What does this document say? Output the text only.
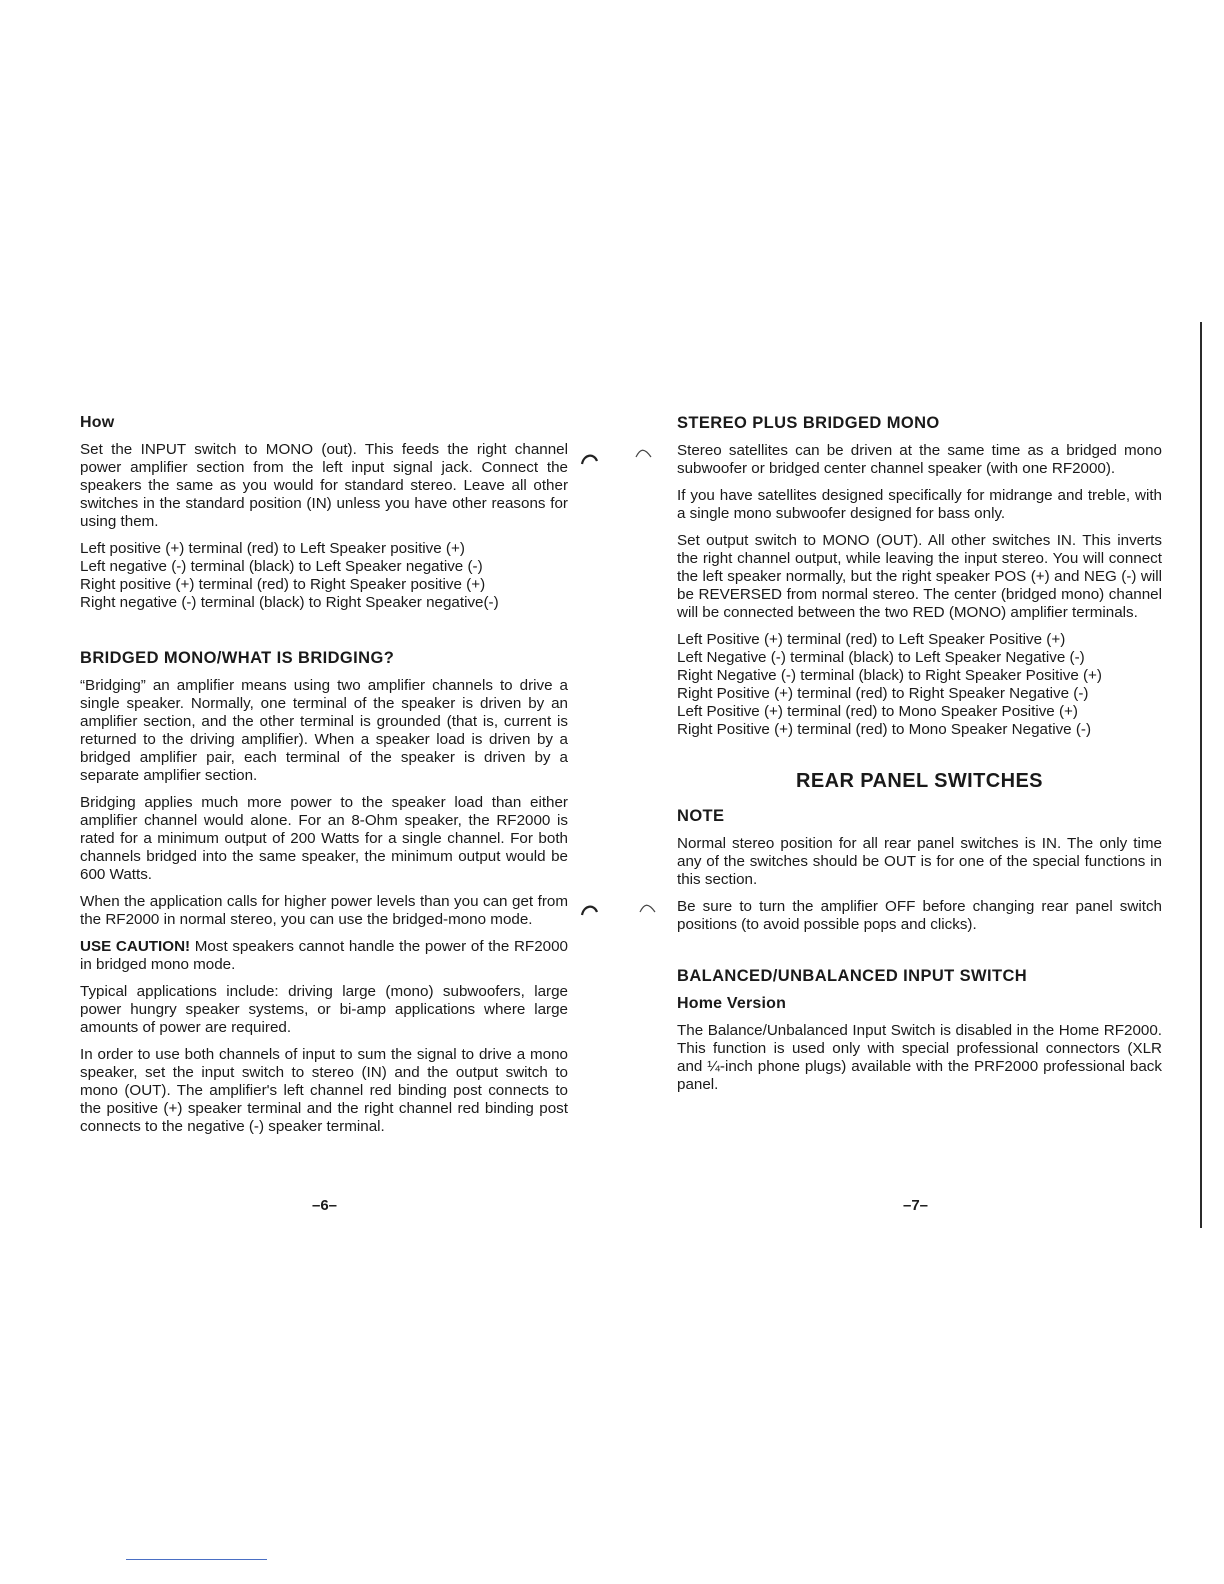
How

Set the INPUT switch to MONO (out). This feeds the right channel power amplifier section from the left input signal jack. Connect the speakers the same as you would for standard stereo. Leave all other switches in the standard position (IN) unless you have other reasons for using them.

Left positive (+) terminal (red) to Left Speaker positive (+)
Left negative (-) terminal (black) to Left Speaker negative (-)
Right positive (+) terminal (red) to Right Speaker positive (+)
Right negative (-) terminal (black) to Right Speaker negative(-)
BRIDGED MONO/WHAT IS BRIDGING?

“Bridging” an amplifier means using two amplifier channels to drive a single speaker. Normally, one terminal of the speaker is driven by an amplifier section, and the other terminal is grounded (that is, current is returned to the driving amplifier). When a speaker load is driven by a bridged amplifier pair, each terminal of the speaker is driven by a separate amplifier section.

Bridging applies much more power to the speaker load than either amplifier channel would alone. For an 8-Ohm speaker, the RF2000 is rated for a minimum output of 200 Watts for a single channel. For both channels bridged into the same speaker, the minimum output would be 600 Watts.

When the application calls for higher power levels than you can get from the RF2000 in normal stereo, you can use the bridged-mono mode.

USE CAUTION! Most speakers cannot handle the power of the RF2000 in bridged mono mode.

Typical applications include: driving large (mono) subwoofers, large power hungry speaker systems, or bi-amp applications where large amounts of power are required.

In order to use both channels of input to sum the signal to drive a mono speaker, set the input switch to stereo (IN) and the output switch to mono (OUT). The amplifier's left channel red binding post connects to the positive (+) speaker terminal and the right channel red binding post connects to the negative (-) speaker terminal.

STEREO PLUS BRIDGED MONO

Stereo satellites can be driven at the same time as a bridged mono subwoofer or bridged center channel speaker (with one RF2000).

If you have satellites designed specifically for midrange and treble, with a single mono subwoofer designed for bass only.

Set output switch to MONO (OUT). All other switches IN. This inverts the right channel output, while leaving the input stereo. You will connect the left speaker normally, but the right speaker POS (+) and NEG (-) will be REVERSED from normal stereo. The center (bridged mono) channel will be connected between the two RED (MONO) amplifier terminals.

Left Positive (+) terminal (red) to Left Speaker Positive (+)
Left Negative (-) terminal (black) to Left Speaker Negative (-)
Right Negative (-) terminal (black) to Right Speaker Positive (+)
Right Positive (+) terminal (red) to Right Speaker Negative (-)
Left Positive (+) terminal (red) to Mono Speaker Positive (+)
Right Positive (+) terminal (red) to Mono Speaker Negative (-)
REAR PANEL SWITCHES
NOTE

Normal stereo position for all rear panel switches is IN. The only time any of the switches should be OUT is for one of the special functions in this section.

Be sure to turn the amplifier OFF before changing rear panel switch positions (to avoid possible pops and clicks).

BALANCED/UNBALANCED INPUT SWITCH
Home Version

The Balance/Unbalanced Input Switch is disabled in the Home RF2000. This function is used only with special professional connectors (XLR and ¼-inch phone plugs) available with the PRF2000 professional back panel.

–6–	–7–
